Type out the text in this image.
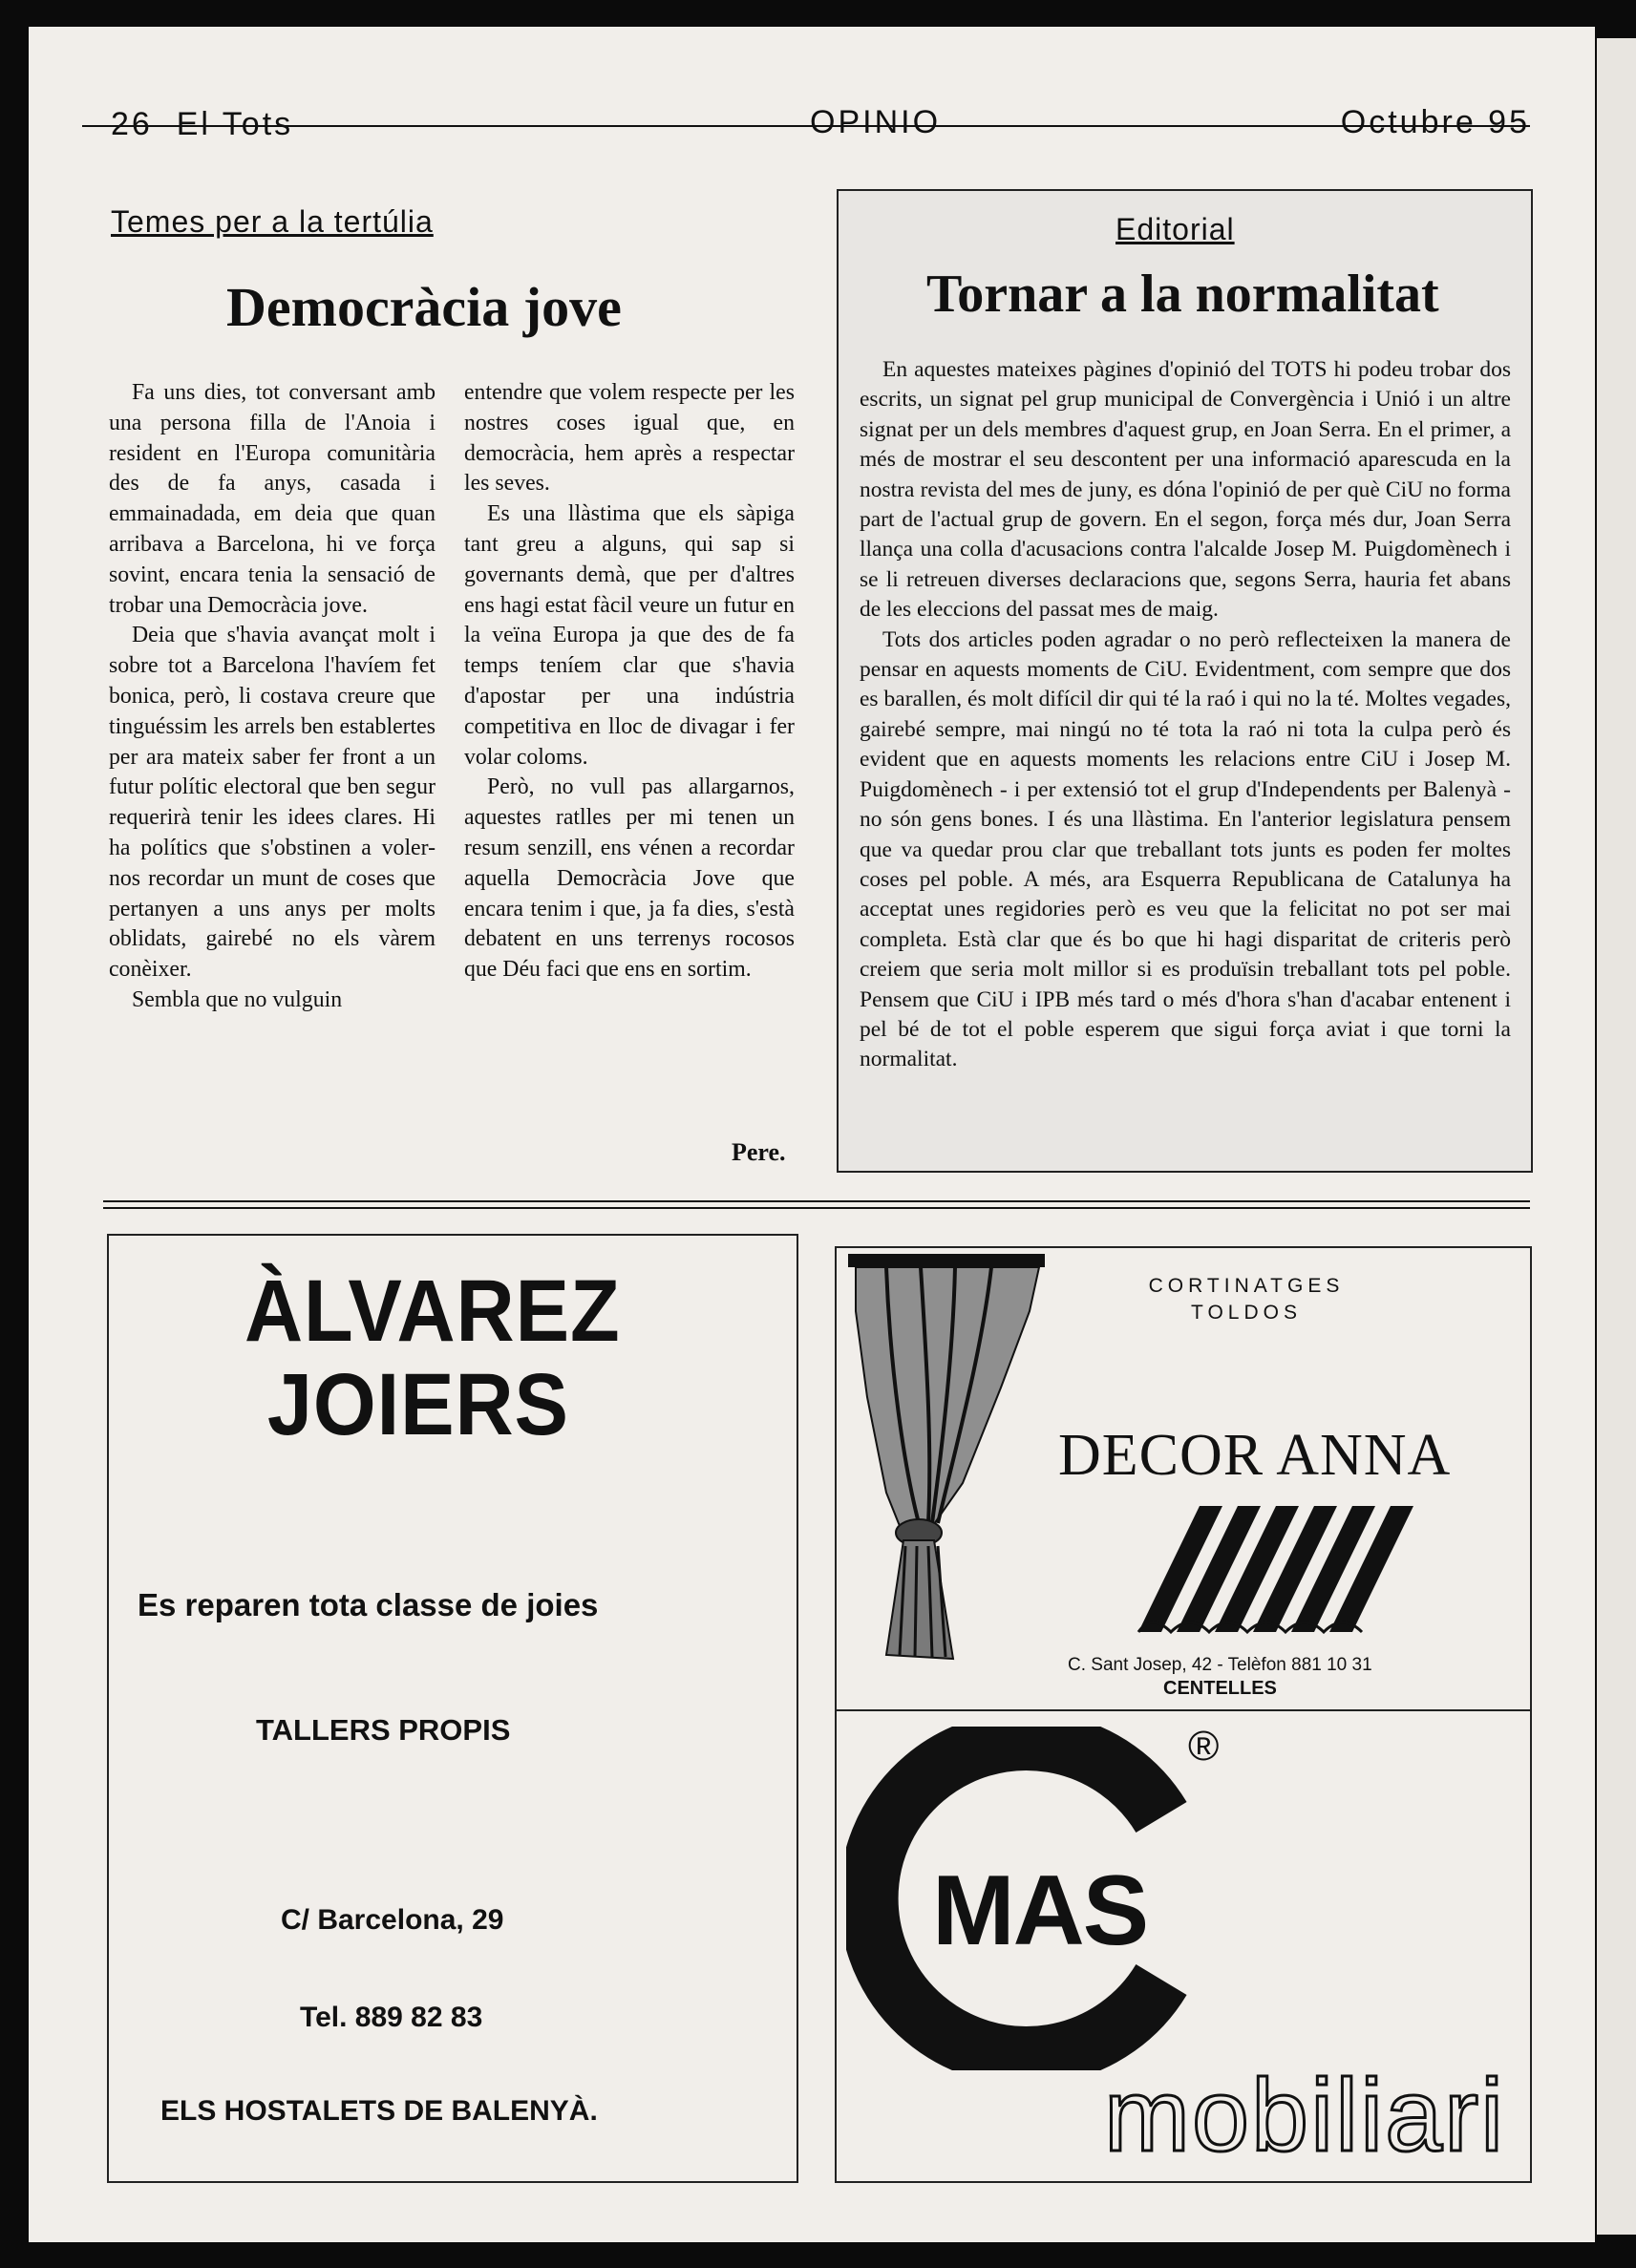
26 El Tots	OPINIO	Octubre 95
Temes per a la tertúlia
Democràcia jove

Fa uns dies, tot conversant amb una persona filla de l'Anoia i resident en l'Europa comunitària des de fa anys, casada i emmainadada, em deia que quan arribava a Barcelona, hi ve força sovint, encara tenia la sensació de trobar una Democràcia jove.

Deia que s'havia avançat molt i sobre tot a Barcelona l'havíem fet bonica, però, li costava creure que tinguéssim les arrels ben establertes per ara mateix saber fer front a un futur polític electoral que ben segur requerirà tenir les idees clares. Hi ha polítics que s'obstinen a voler-nos recordar un munt de coses que pertanyen a uns anys per molts oblidats, gairebé no els vàrem conèixer.

Sembla que no vulguin

entendre que volem respecte per les nostres coses igual que, en democràcia, hem après a respectar les seves.

Es una llàstima que els sàpiga tant greu a alguns, qui sap si governants demà, que per d'altres ens hagi estat fàcil veure un futur en la veïna Europa ja que des de fa temps teníem clar que s'havia d'apostar per una indústria competitiva en lloc de divagar i fer volar coloms.

Però, no vull pas allargarnos, aquestes ratlles per mi tenen un resum senzill, ens vénen a recordar aquella Democràcia Jove que encara tenim i que, ja fa dies, s'està debatent en uns terrenys rocosos que Déu faci que ens en sortim.

Pere.
Editorial
Tornar a la normalitat

En aquestes mateixes pàgines d'opinió del TOTS hi podeu trobar dos escrits, un signat pel grup municipal de Convergència i Unió i un altre signat per un dels membres d'aquest grup, en Joan Serra. En el primer, a més de mostrar el seu descontent per una informació aparescuda en la nostra revista del mes de juny, es dóna l'opinió de per què CiU no forma part de l'actual grup de govern. En el segon, força més dur, Joan Serra llança una colla d'acusacions contra l'alcalde Josep M. Puigdomènech i se li retreuen diverses declaracions que, segons Serra, hauria fet abans de les eleccions del passat mes de maig.

Tots dos articles poden agradar o no però reflecteixen la manera de pensar en aquests moments de CiU. Evidentment, com sempre que dos es barallen, és molt difícil dir qui té la raó i qui no la té. Moltes vegades, gairebé sempre, mai ningú no té tota la raó ni tota la culpa però és evident que en aquests moments les relacions entre CiU i Josep M. Puigdomènech - i per extensió tot el grup d'Independents per Balenyà - no són gens bones. I és una llàstima. En l'anterior legislatura pensem que va quedar prou clar que treballant tots junts es poden fer moltes coses pel poble. A més, ara Esquerra Republicana de Catalunya ha acceptat unes regidories però es veu que la felicitat no pot ser mai completa. Està clar que és bo que hi hagi disparitat de criteris però creiem que seria molt millor si es produïsin treballant tots pel poble. Pensem que CiU i IPB més tard o més d'hora s'han d'acabar entenent i pel bé de tot el poble esperem que sigui força aviat i que torni la normalitat.

ÀLVAREZ
JOIERS
Es reparen tota classe de joies
TALLERS PROPIS
C/ Barcelona, 29
Tel. 889 82 83
ELS HOSTALETS DE BALENYÀ.
CORTINATGES
TOLDOS
DECOR ANNA
C. Sant Josep, 42 - Telèfon 881 10 31
CENTELLES
MAS
®
mobiliari
